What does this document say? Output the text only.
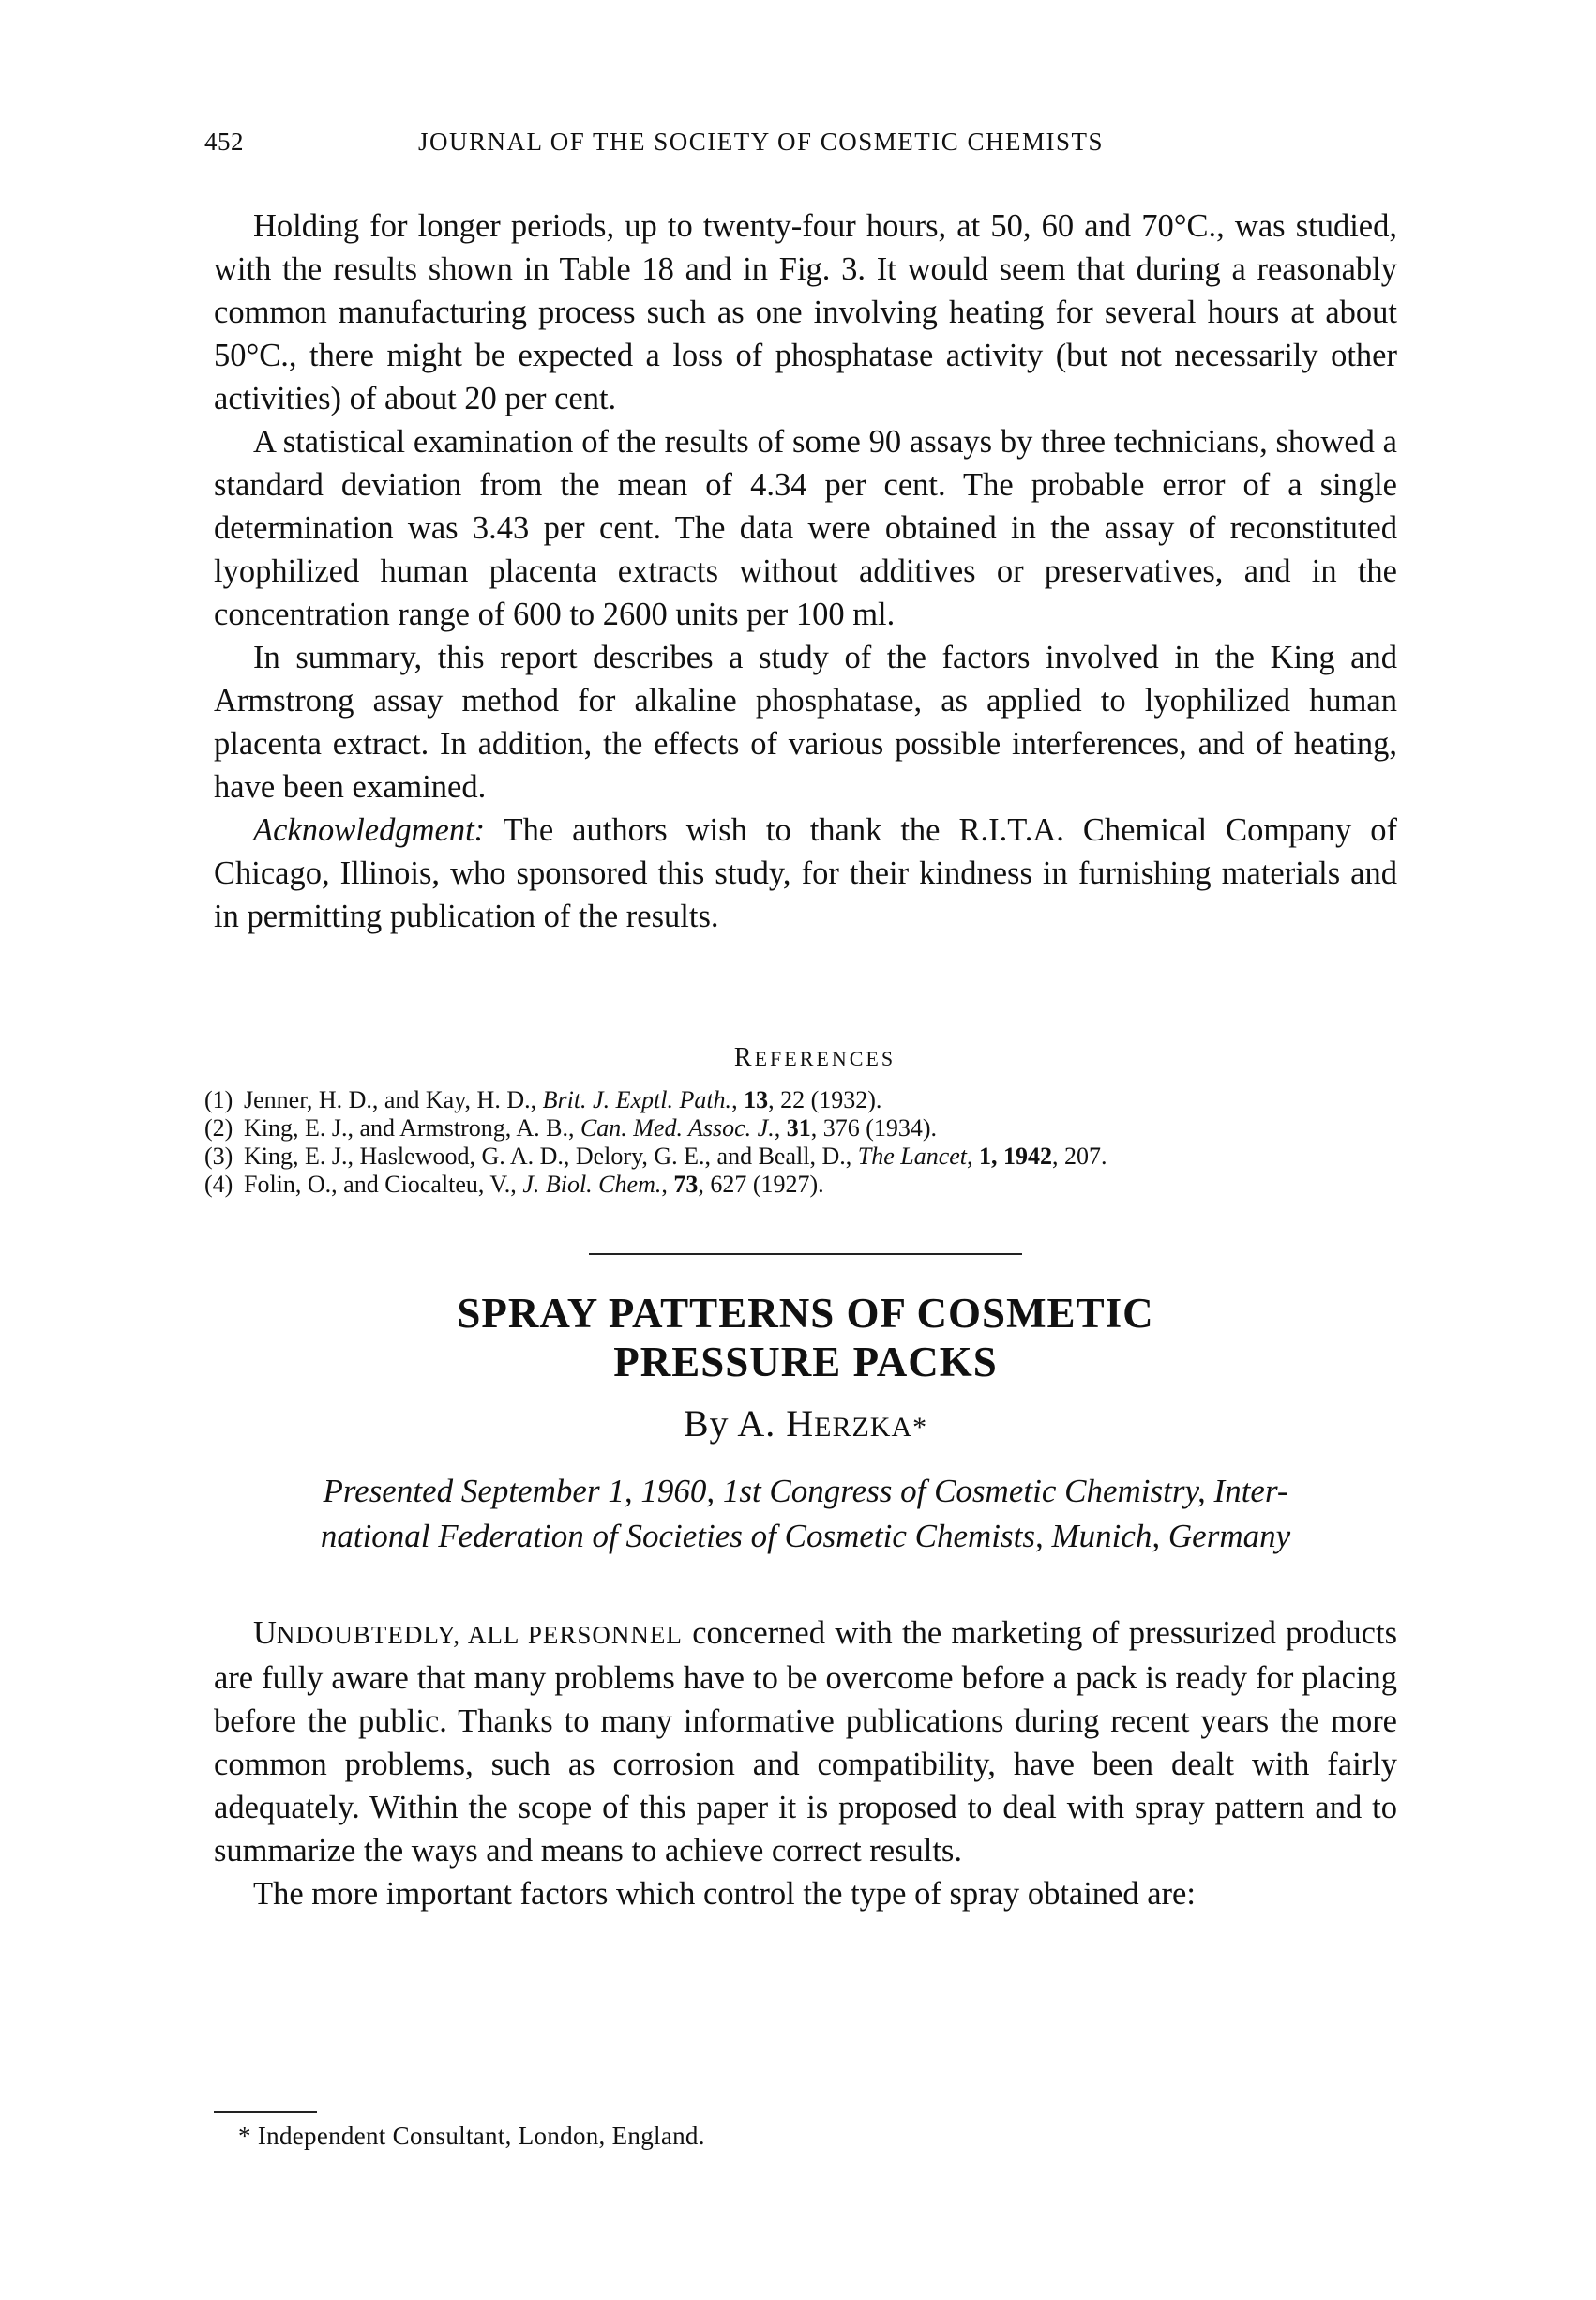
452	JOURNAL OF THE SOCIETY OF COSMETIC CHEMISTS

Holding for longer periods, up to twenty-four hours, at 50, 60 and 70°C., was studied, with the results shown in Table 18 and in Fig. 3. It would seem that during a reasonably common manufacturing process such as one involving heating for several hours at about 50°C., there might be expected a loss of phosphatase activity (but not necessarily other activities) of about 20 per cent.

A statistical examination of the results of some 90 assays by three technicians, showed a standard deviation from the mean of 4.34 per cent. The probable error of a single determination was 3.43 per cent. The data were obtained in the assay of reconstituted lyophilized human placenta extracts without additives or preservatives, and in the concentration range of 600 to 2600 units per 100 ml.

In summary, this report describes a study of the factors involved in the King and Armstrong assay method for alkaline phosphatase, as applied to lyophilized human placenta extract. In addition, the effects of various possible interferences, and of heating, have been examined.

Acknowledgment: The authors wish to thank the R.I.T.A. Chemical Company of Chicago, Illinois, who sponsored this study, for their kindness in furnishing materials and in permitting publication of the results.

REFERENCES
(1) Jenner, H. D., and Kay, H. D., Brit. J. Exptl. Path., 13, 22 (1932).
(2) King, E. J., and Armstrong, A. B., Can. Med. Assoc. J., 31, 376 (1934).
(3) King, E. J., Haslewood, G. A. D., Delory, G. E., and Beall, D., The Lancet, 1, 1942, 207.
(4) Folin, O., and Ciocalteu, V., J. Biol. Chem., 73, 627 (1927).
SPRAY PATTERNS OF COSMETIC
PRESSURE PACKS
By A. HERZKA*
Presented September 1, 1960, 1st Congress of Cosmetic Chemistry, Inter-
national Federation of Societies of Cosmetic Chemists, Munich, Germany

UNDOUBTEDLY, ALL PERSONNEL concerned with the marketing of pressurized products are fully aware that many problems have to be overcome before a pack is ready for placing before the public. Thanks to many informative publications during recent years the more common problems, such as corrosion and compatibility, have been dealt with fairly adequately. Within the scope of this paper it is proposed to deal with spray pattern and to summarize the ways and means to achieve correct results.

The more important factors which control the type of spray obtained are:

* Independent Consultant, London, England.
